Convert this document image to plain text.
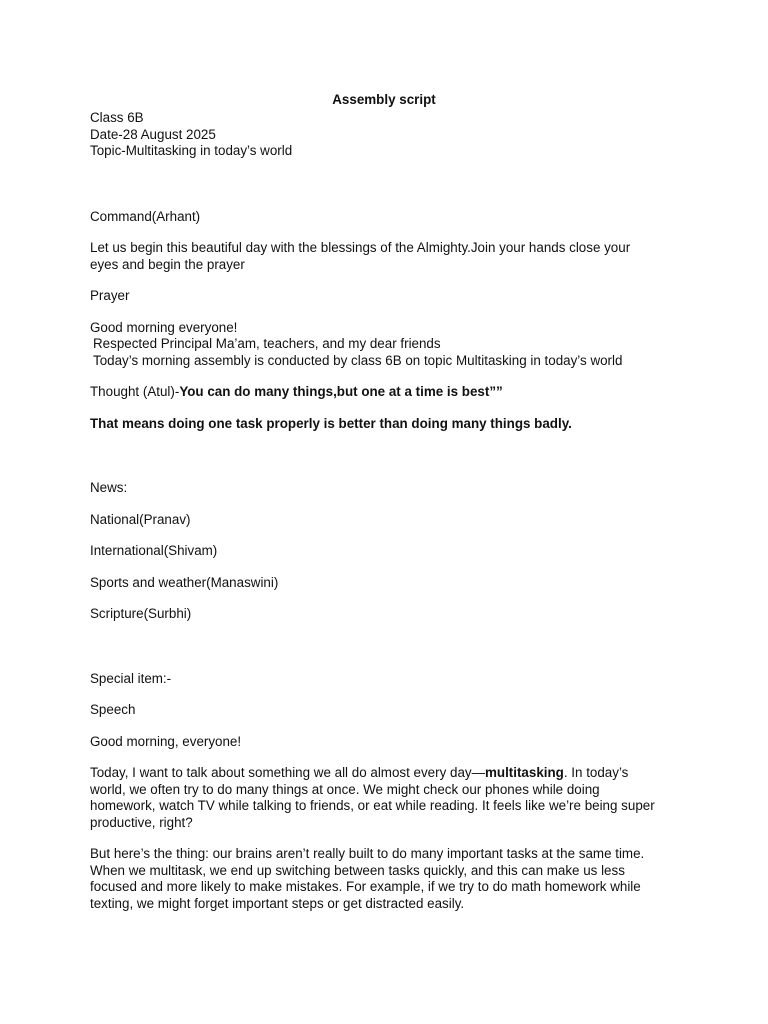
Assembly script

Class 6B
Date-28 August 2025
Topic-Multitasking in today’s world

Command(Arhant)

Let us begin this beautiful day with the blessings of the Almighty.Join your hands close your
eyes and begin the prayer

Prayer

Good morning everyone!
Respected Principal Ma’am, teachers, and my dear friends
Today’s morning assembly is conducted by class 6B on topic Multitasking in today’s world

Thought (Atul)-You can do many things,but one at a time is best””

That means doing one task properly is better than doing many things badly.

News:

National(Pranav)

International(Shivam)

Sports and weather(Manaswini)

Scripture(Surbhi)

Special item:-

Speech

Good morning, everyone!

Today, I want to talk about something we all do almost every day—multitasking. In today’s
world, we often try to do many things at once. We might check our phones while doing
homework, watch TV while talking to friends, or eat while reading. It feels like we’re being super
productive, right?

But here’s the thing: our brains aren’t really built to do many important tasks at the same time.
When we multitask, we end up switching between tasks quickly, and this can make us less
focused and more likely to make mistakes. For example, if we try to do math homework while
texting, we might forget important steps or get distracted easily.
